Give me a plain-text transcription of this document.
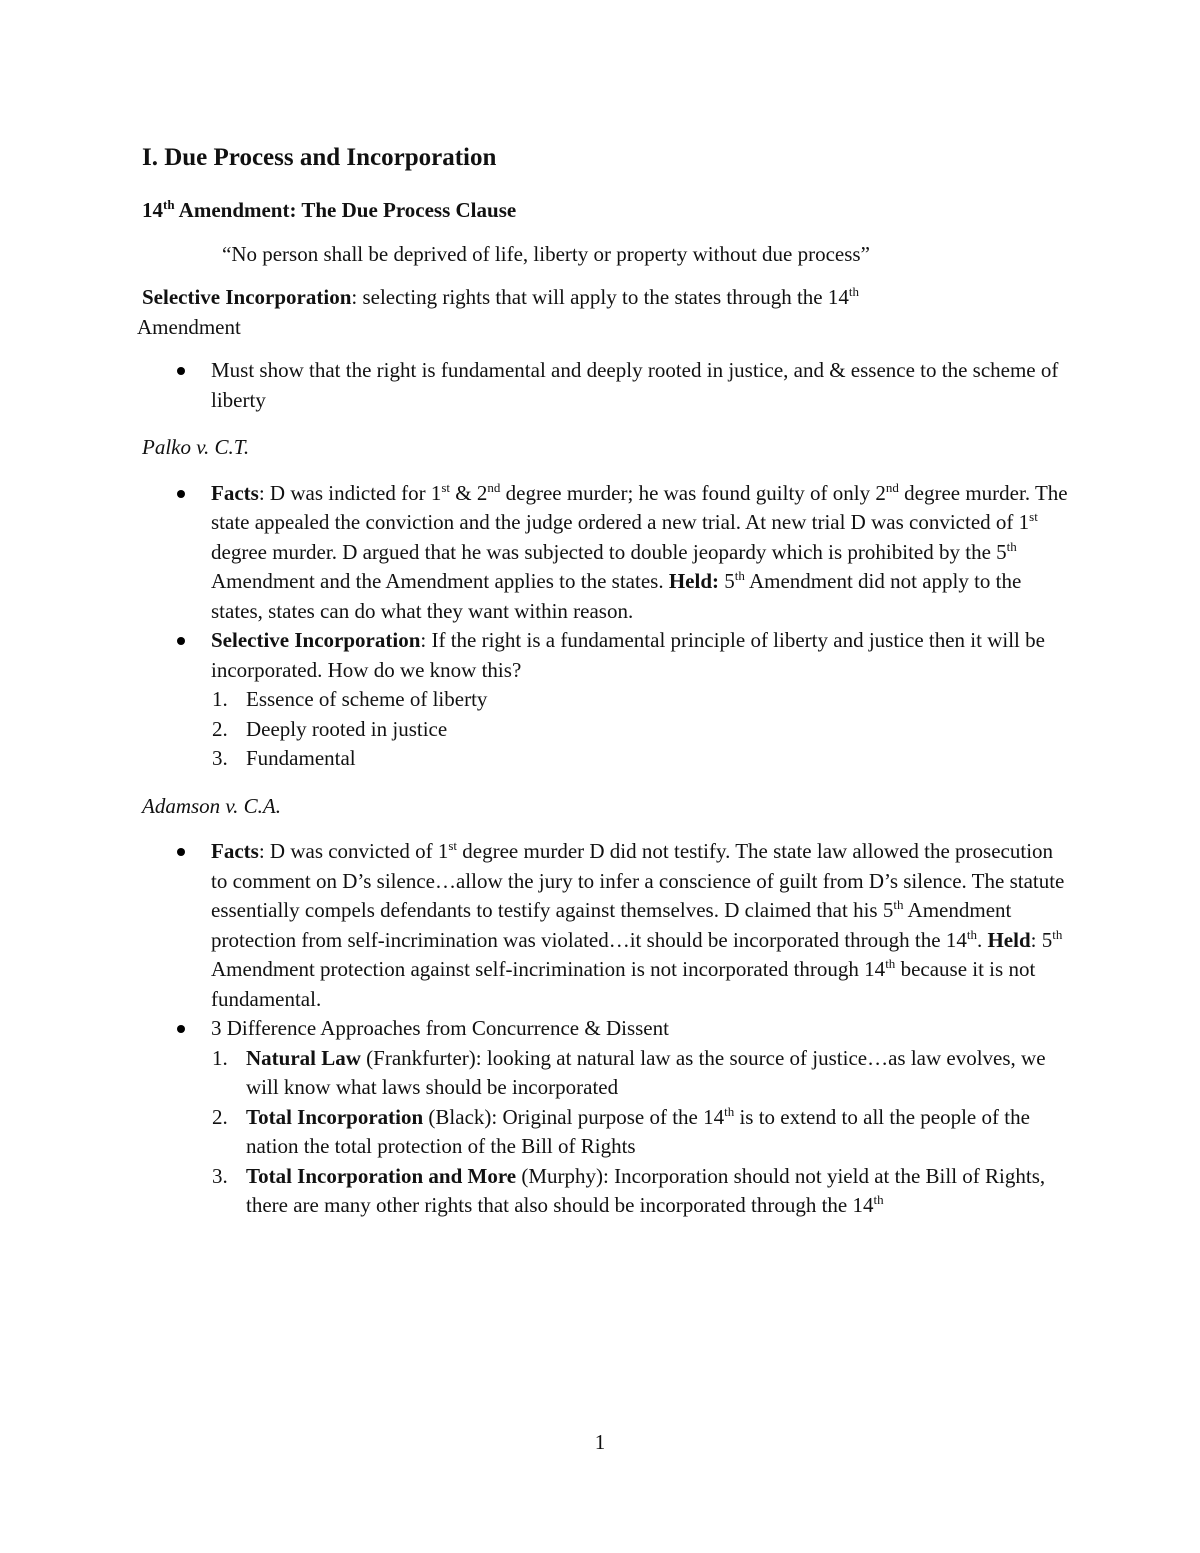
I. Due Process and Incorporation
14th Amendment: The Due Process Clause
“No person shall be deprived of life, liberty or property without due process”
Selective Incorporation: selecting rights that will apply to the states through the 14th
Amendment
Must show that the right is fundamental and deeply rooted in justice, and & essence to the scheme of liberty
Palko v. C.T.
Facts: D was indicted for 1st & 2nd degree murder; he was found guilty of only 2nd degree murder. The state appealed the conviction and the judge ordered a new trial. At new trial D was convicted of 1st degree murder. D argued that he was subjected to double jeopardy which is prohibited by the 5th Amendment and the Amendment applies to the states. Held: 5th Amendment did not apply to the states, states can do what they want within reason.
Selective Incorporation: If the right is a fundamental principle of liberty and justice then it will be incorporated. How do we know this?
1. Essence of scheme of liberty
2. Deeply rooted in justice
3. Fundamental
Adamson v. C.A.
Facts: D was convicted of 1st degree murder D did not testify. The state law allowed the prosecution to comment on D’s silence…allow the jury to infer a conscience of guilt from D’s silence. The statute essentially compels defendants to testify against themselves. D claimed that his 5th Amendment protection from self-incrimination was violated…it should be incorporated through the 14th. Held: 5th Amendment protection against self-incrimination is not incorporated through 14th because it is not fundamental.
3 Difference Approaches from Concurrence & Dissent
1. Natural Law (Frankfurter): looking at natural law as the source of justice…as law evolves, we will know what laws should be incorporated
2. Total Incorporation (Black): Original purpose of the 14th is to extend to all the people of the nation the total protection of the Bill of Rights
3. Total Incorporation and More (Murphy): Incorporation should not yield at the Bill of Rights, there are many other rights that also should be incorporated through the 14th
1
